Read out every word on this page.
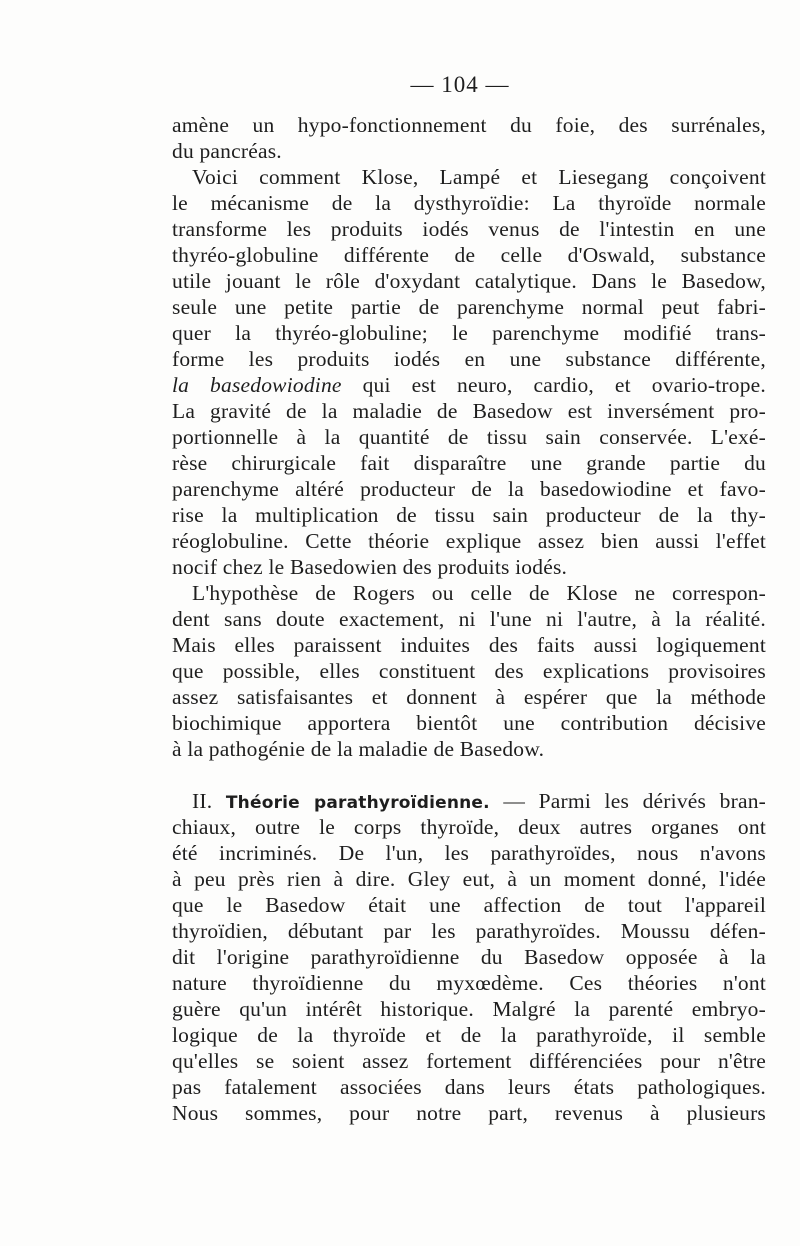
— 104 —
amène un hypo-fonctionnement du foie, des surrénales,
du pancréas.
Voici comment Klose, Lampé et Liesegang conçoivent
le mécanisme de la dysthyroïdie: La thyroïde normale
transforme les produits iodés venus de l'intestin en une
thyréo-globuline différente de celle d'Oswald, substance
utile jouant le rôle d'oxydant catalytique. Dans le Basedow,
seule une petite partie de parenchyme normal peut fabri-
quer la thyréo-globuline; le parenchyme modifié trans-
forme les produits iodés en une substance différente,
la basedowiodine qui est neuro, cardio, et ovario-trope.
La gravité de la maladie de Basedow est inversément pro-
portionnelle à la quantité de tissu sain conservée. L'exé-
rèse chirurgicale fait disparaître une grande partie du
parenchyme altéré producteur de la basedowiodine et favo-
rise la multiplication de tissu sain producteur de la thy-
réoglobuline. Cette théorie explique assez bien aussi l'effet
nocif chez le Basedowien des produits iodés.
L'hypothèse de Rogers ou celle de Klose ne correspon-
dent sans doute exactement, ni l'une ni l'autre, à la réalité.
Mais elles paraissent induites des faits aussi logiquement
que possible, elles constituent des explications provisoires
assez satisfaisantes et donnent à espérer que la méthode
biochimique apportera bientôt une contribution décisive
à la pathogénie de la maladie de Basedow.
II. Théorie parathyroïdienne. — Parmi les dérivés bran-
chiaux, outre le corps thyroïde, deux autres organes ont
été incriminés. De l'un, les parathyroïdes, nous n'avons
à peu près rien à dire. Gley eut, à un moment donné, l'idée
que le Basedow était une affection de tout l'appareil
thyroïdien, débutant par les parathyroïdes. Moussu défen-
dit l'origine parathyroïdienne du Basedow opposée à la
nature thyroïdienne du myxœdème. Ces théories n'ont
guère qu'un intérêt historique. Malgré la parenté embryo-
logique de la thyroïde et de la parathyroïde, il semble
qu'elles se soient assez fortement différenciées pour n'être
pas fatalement associées dans leurs états pathologiques.
Nous sommes, pour notre part, revenus à plusieurs
